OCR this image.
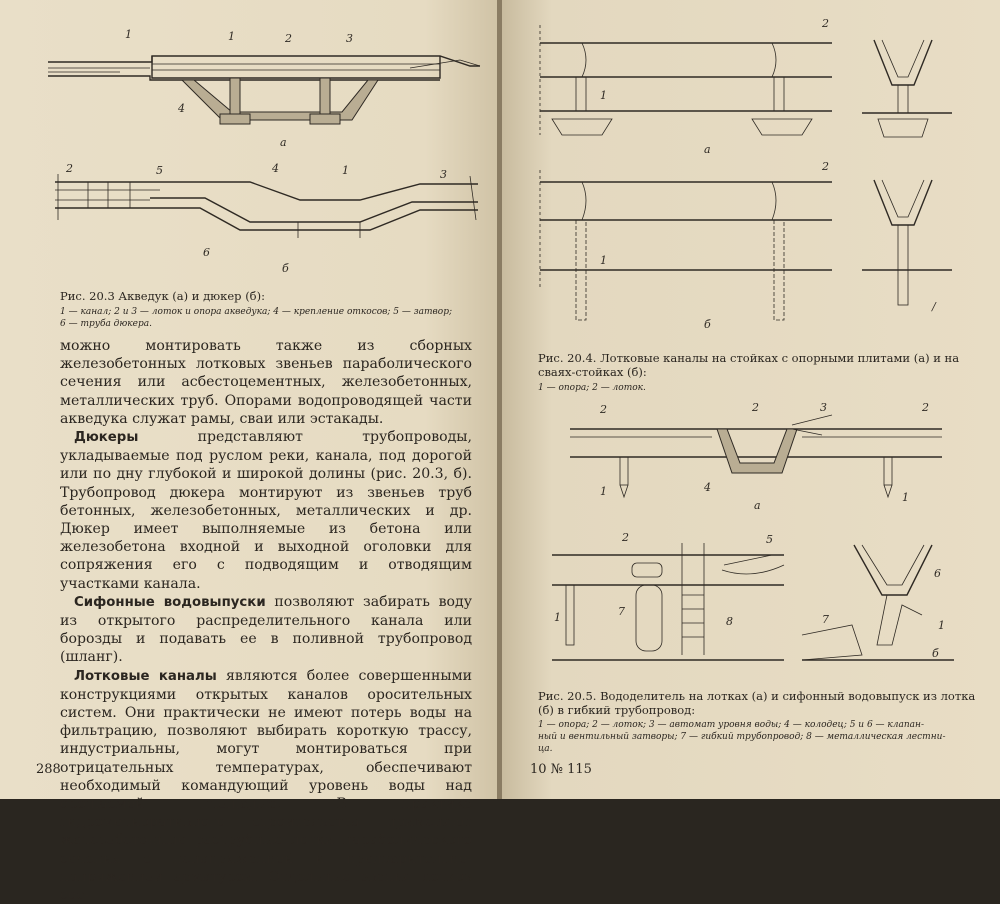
1	1	2	3
4
а
2	5	4	1	3
6
б
Рис. 20.3 Акведук (а) и дюкер (б):
1 — канал; 2 и 3 — лоток и опора акведука; 4 — крепление откосов; 5 — затвор;
6 — труба дюкера.

можно монтировать также из сборных железобетонных лотковых звеньев параболического сечения или асбестоцементных, железобетонных, металлических труб. Опорами водопроводящей части акведука служат рамы, сваи или эстакады.

Дюкеры представляют трубопроводы, укладываемые под руслом реки, канала, под дорогой или по дну глубокой и широкой долины (рис. 20.3, б). Трубопровод дюкера монтируют из звеньев труб бетонных, железобетонных, металлических и др. Дюкер имеет выполняемые из бетона или железобетона входной и выходной оголовки для сопряжения его с подводящим и отводящим участками канала.

Сифонные водовыпуски позволяют забирать воду из открытого распределительного канала или борозды и подавать ее в поливной трубопровод (шланг).

Лотковые каналы являются более совершенными конструкциями открытых каналов оросительных систем. Они практически не имеют потерь воды на фильтрацию, позволяют выбирать короткую трассу, индустриальны, могут монтироваться при отрицательных температурах, обеспечивают необходимый командующий уровень воды над орошаемой площадью. В практике гидромелиоративного строительства применяют железобетонные раструбные лотки параболического сечения с ненапряженной и предварительно-напряженной арматурой. Отдельные звенья лотков сое-

288
2
1
а
2
1
б
/
Рис. 20.4. Лотковые каналы на стойках с опорными плитами (а) и на
сваях-стойках (б):
1 — опора; 2 — лоток.
2	2	3	2
1	4
1
а
2	5
1	7
8
6
7	1
б
Рис. 20.5. Вододелитель на лотках (а) и сифонный водовыпуск из лотка
(б) в гибкий трубопровод:
1 — опора; 2 — лоток; 3 — автомат уровня воды; 4 — колодец; 5 и 6 — клапан-
ный и вентильный затворы; 7 — гибкий трубопровод; 8 — металлическая лестни-
ца.
10 № 115
